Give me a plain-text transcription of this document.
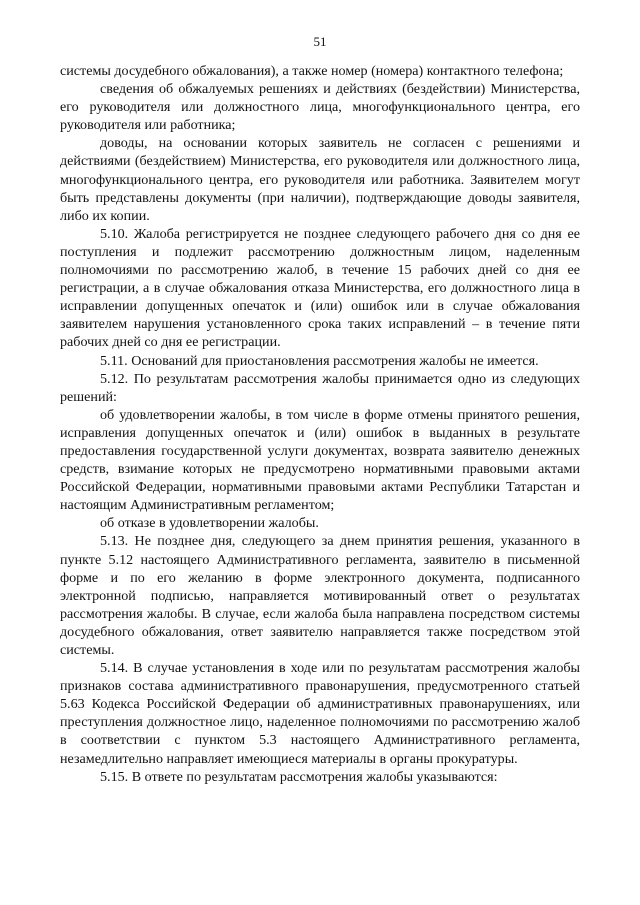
51

системы досудебного обжалования), а также номер (номера) контактного телефона;

сведения об обжалуемых решениях и действиях (бездействии) Министерства, его руководителя или должностного лица, многофункционального центра, его руководителя или работника;

доводы, на основании которых заявитель не согласен с решениями и действиями (бездействием) Министерства, его руководителя или должностного лица, многофункционального центра, его руководителя или работника. Заявителем могут быть представлены документы (при наличии), подтверждающие доводы заявителя, либо их копии.

5.10. Жалоба регистрируется не позднее следующего рабочего дня со дня ее поступления и подлежит рассмотрению должностным лицом, наделенным полномочиями по рассмотрению жалоб, в течение 15 рабочих дней со дня ее регистрации, а в случае обжалования отказа Министерства, его должностного лица в исправлении допущенных опечаток и (или) ошибок или в случае обжалования заявителем нарушения установленного срока таких исправлений – в течение пяти рабочих дней со дня ее регистрации.

5.11. Оснований для приостановления рассмотрения жалобы не имеется.

5.12. По результатам рассмотрения жалобы принимается одно из следующих решений:

об удовлетворении жалобы, в том числе в форме отмены принятого решения, исправления допущенных опечаток и (или) ошибок в выданных в результате предоставления государственной услуги документах, возврата заявителю денежных средств, взимание которых не предусмотрено нормативными правовыми актами Российской Федерации, нормативными правовыми актами Республики Татарстан и настоящим Административным регламентом;

об отказе в удовлетворении жалобы.

5.13. Не позднее дня, следующего за днем принятия решения, указанного в пункте 5.12 настоящего Административного регламента, заявителю в письменной форме и по его желанию в форме электронного документа, подписанного электронной подписью, направляется мотивированный ответ о результатах рассмотрения жалобы. В случае, если жалоба была направлена посредством системы досудебного обжалования, ответ заявителю направляется также посредством этой системы.

5.14. В случае установления в ходе или по результатам рассмотрения жалобы признаков состава административного правонарушения, предусмотренного статьей 5.63 Кодекса Российской Федерации об административных правонарушениях, или преступления должностное лицо, наделенное полномочиями по рассмотрению жалоб в соответствии с пунктом 5.3 настоящего Административного регламента, незамедлительно направляет имеющиеся материалы в органы прокуратуры.

5.15. В ответе по результатам рассмотрения жалобы указываются:
